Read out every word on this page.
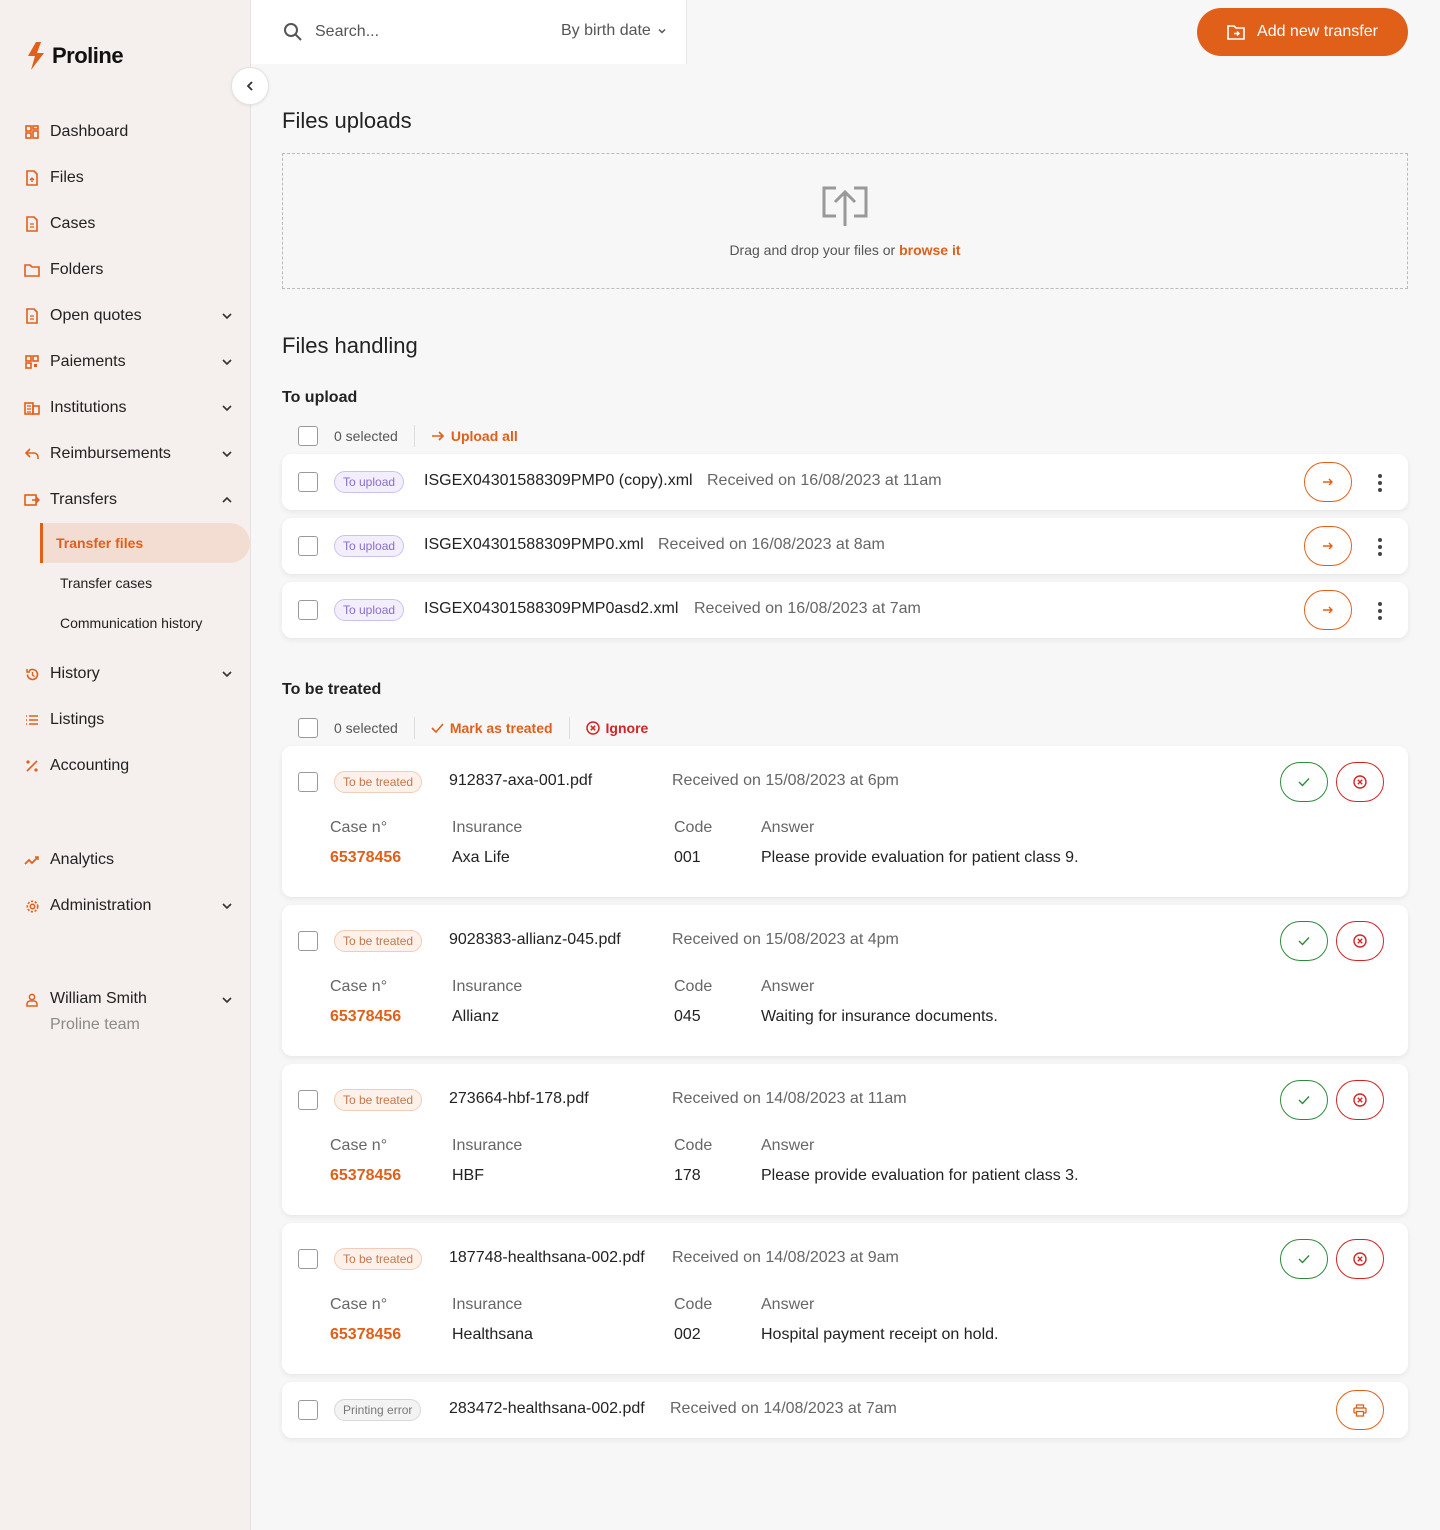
Proline
Dashboard
Files
Cases
Folders
Open quotes
Paiements
Institutions
Reimbursements
Transfers
Transfer files
Transfer cases
Communication history
History
Listings
Accounting
Analytics
Administration
William Smith
Proline team
Search...
By birth date	Add new transfer
Files uploads
Drag and drop your files or browse it
Files handling
To upload
0 selected	Upload all
To upload	ISGEX04301588309PMP0 (copy).xml Received on 16/08/2023 at 11am
To upload	ISGEX04301588309PMP0.xml Received on 16/08/2023 at 8am
To upload	ISGEX04301588309PMP0asd2.xml Received on 16/08/2023 at 7am
To be treated
0 selected	Mark as treated	Ignore
To be treated	912837-axa-001.pdf	Received on 15/08/2023 at 6pm
Case n°	Insurance	Code	Answer
65378456	Axa Life	001	Please provide evaluation for patient class 9.
To be treated	9028383-allianz-045.pdf	Received on 15/08/2023 at 4pm
Case n°	Insurance	Code	Answer
65378456	Allianz	045	Waiting for insurance documents.
To be treated	273664-hbf-178.pdf	Received on 14/08/2023 at 11am
Case n°	Insurance	Code	Answer
65378456	HBF	178	Please provide evaluation for patient class 3.
To be treated	187748-healthsana-002.pdf Received on 14/08/2023 at 9am
Case n°	Insurance	Code	Answer
65378456	Healthsana	002	Hospital payment receipt on hold.
Printing error	283472-healthsana-002.pdf Received on 14/08/2023 at 7am
